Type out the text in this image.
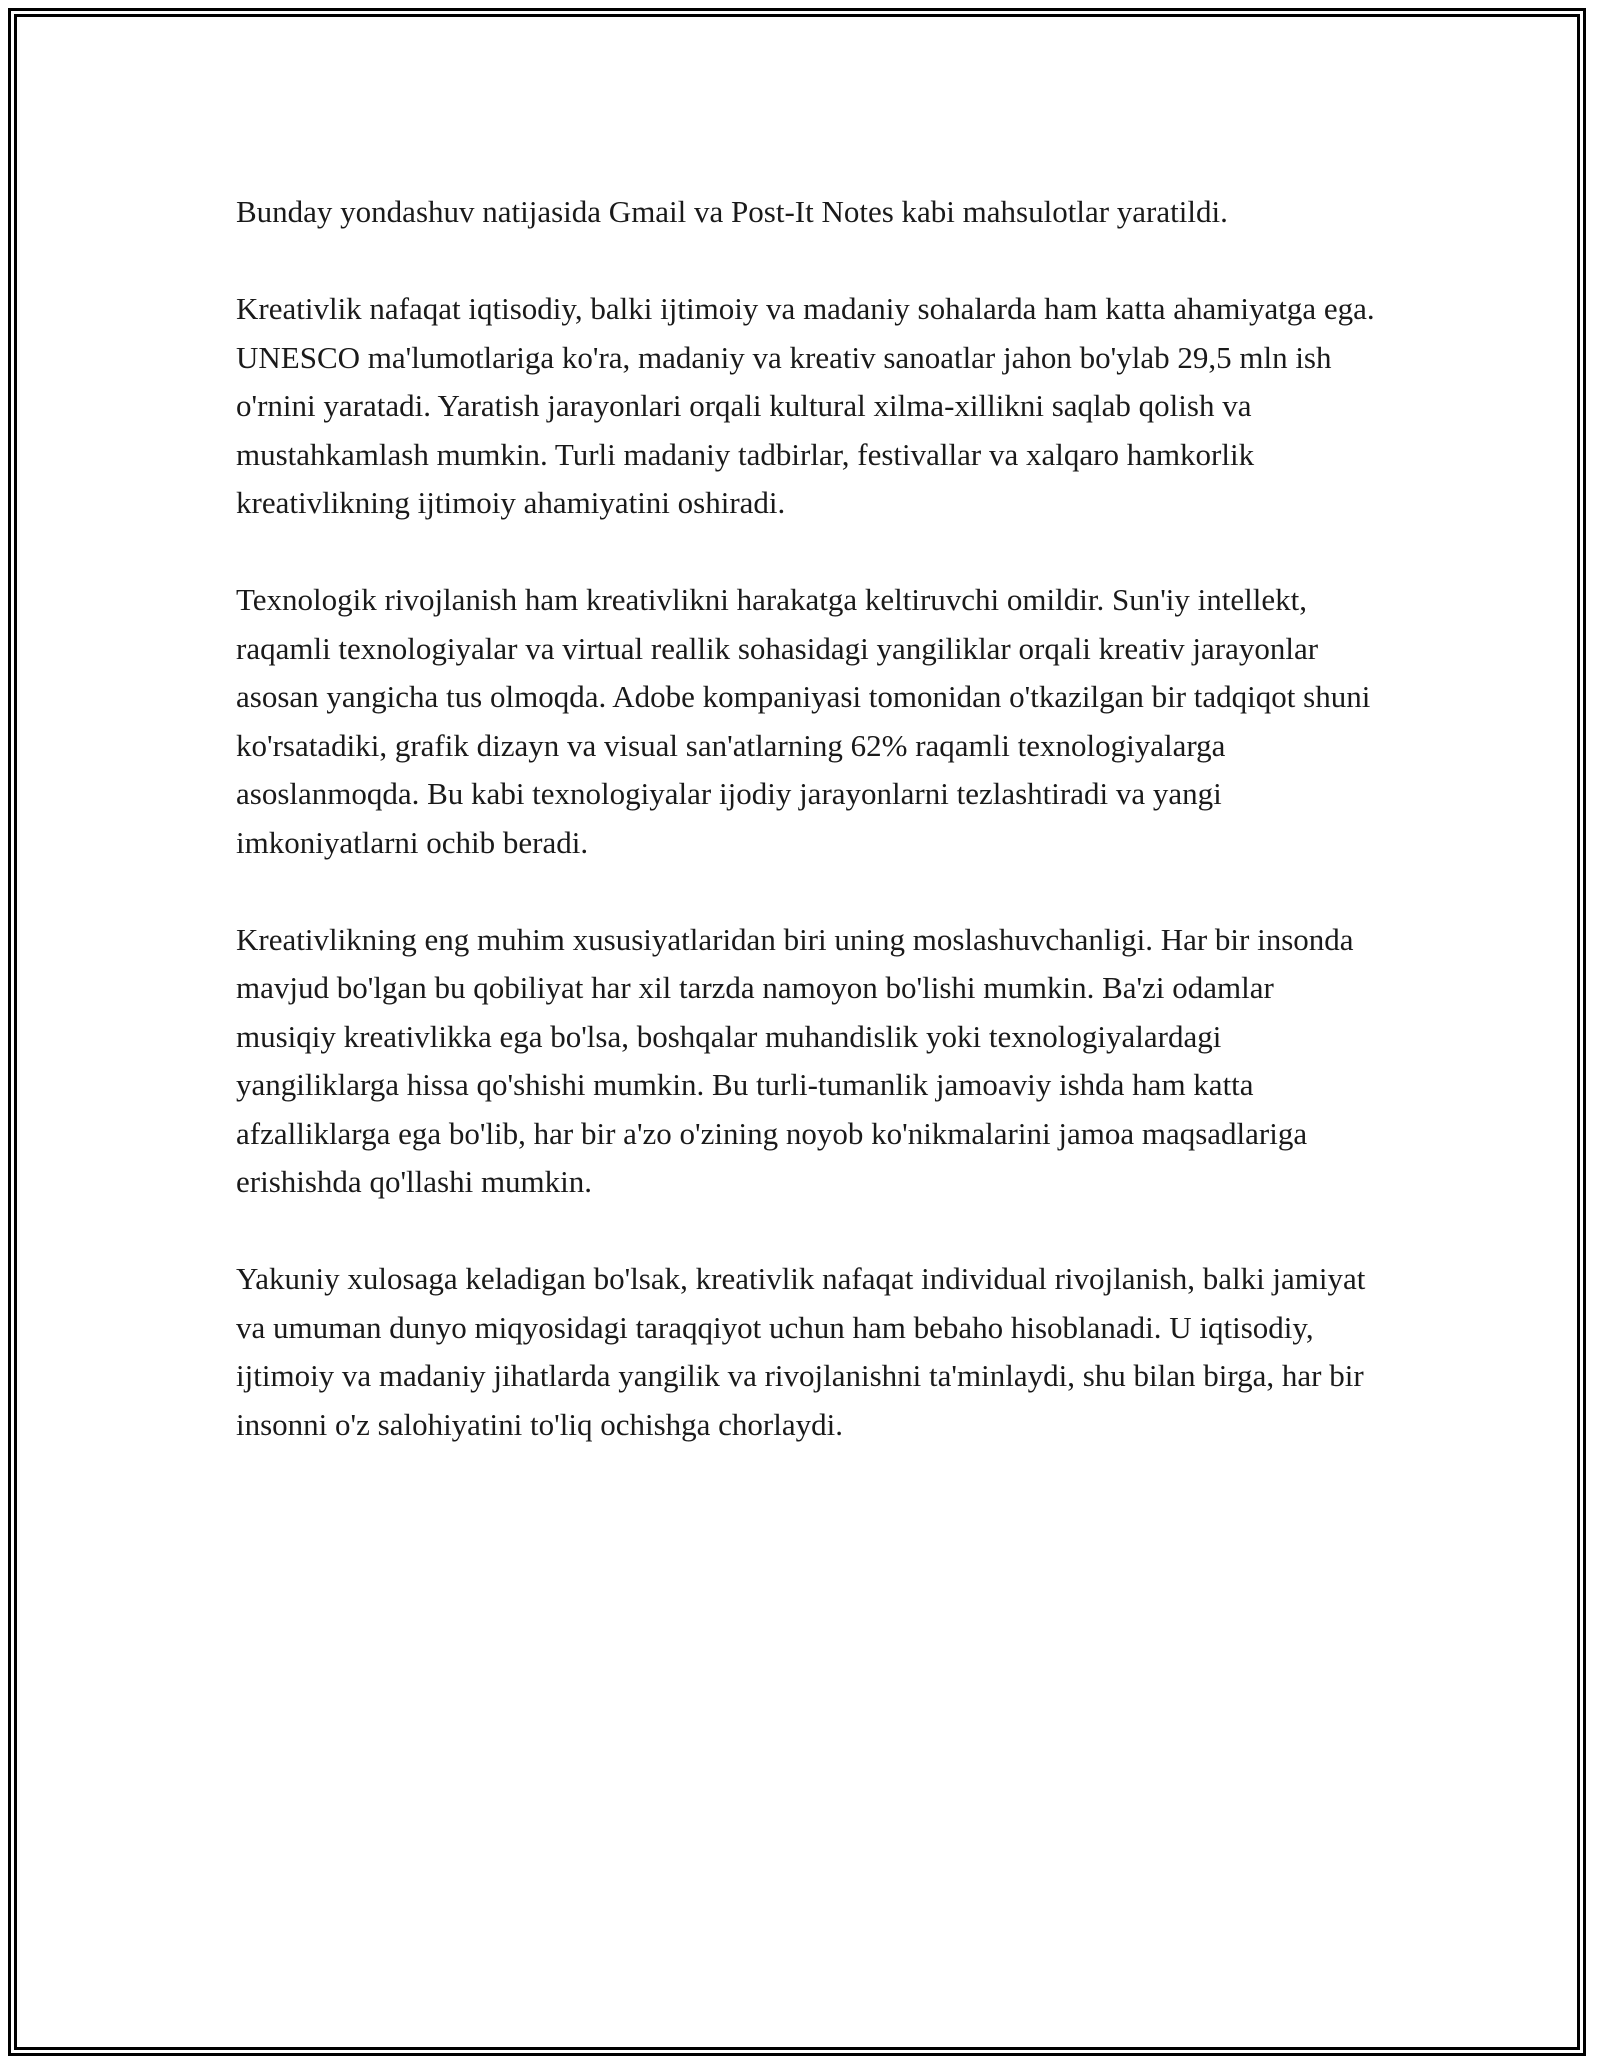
Bunday yondashuv natijasida Gmail va Post-It Notes kabi mahsulotlar yaratildi.

Kreativlik nafaqat iqtisodiy, balki ijtimoiy va madaniy sohalarda ham katta ahamiyatga ega. UNESCO ma'lumotlariga ko'ra, madaniy va kreativ sanoatlar jahon bo'ylab 29,5 mln ish o'rnini yaratadi. Yaratish jarayonlari orqali kultural xilma-xillikni saqlab qolish va mustahkamlash mumkin. Turli madaniy tadbirlar, festivallar va xalqaro hamkorlik kreativlikning ijtimoiy ahamiyatini oshiradi.

Texnologik rivojlanish ham kreativlikni harakatga keltiruvchi omildir. Sun'iy intellekt, raqamli texnologiyalar va virtual reallik sohasidagi yangiliklar orqali kreativ jarayonlar asosan yangicha tus olmoqda. Adobe kompaniyasi tomonidan o'tkazilgan bir tadqiqot shuni ko'rsatadiki, grafik dizayn va visual san'atlarning 62% raqamli texnologiyalarga asoslanmoqda. Bu kabi texnologiyalar ijodiy jarayonlarni tezlashtiradi va yangi imkoniyatlarni ochib beradi.

Kreativlikning eng muhim xususiyatlaridan biri uning moslashuvchanligi. Har bir insonda mavjud bo'lgan bu qobiliyat har xil tarzda namoyon bo'lishi mumkin. Ba'zi odamlar musiqiy kreativlikka ega bo'lsa, boshqalar muhandislik yoki texnologiyalardagi yangiliklarga hissa qo'shishi mumkin. Bu turli-tumanlik jamoaviy ishda ham katta afzalliklarga ega bo'lib, har bir a'zo o'zining noyob ko'nikmalarini jamoa maqsadlariga erishishda qo'llashi mumkin.

Yakuniy xulosaga keladigan bo'lsak, kreativlik nafaqat individual rivojlanish, balki jamiyat va umuman dunyo miqyosidagi taraqqiyot uchun ham bebaho hisoblanadi. U iqtisodiy, ijtimoiy va madaniy jihatlarda yangilik va rivojlanishni ta'minlaydi, shu bilan birga, har bir insonni o'z salohiyatini to'liq ochishga chorlaydi.
